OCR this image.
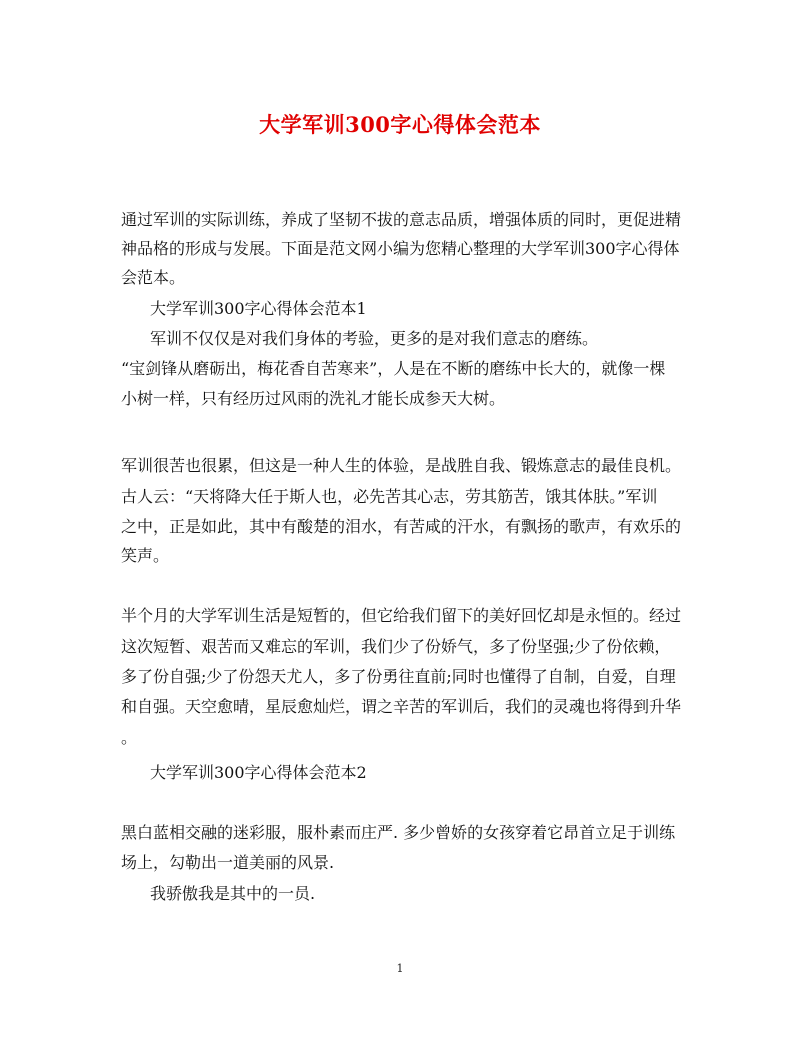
大学军训300字心得体会范本
通过军训的实际训练，养成了坚韧不拔的意志品质，增强体质的同时，更促进精
神品格的形成与发展。下面是范文网小编为您精心整理的大学军训300字心得体
会范本。
大学军训300字心得体会范本1
军训不仅仅是对我们身体的考验，更多的是对我们意志的磨练。
“宝剑锋从磨砺出，梅花香自苦寒来”，人是在不断的磨练中长大的，就像一棵
小树一样，只有经历过风雨的洗礼才能长成参天大树。
军训很苦也很累，但这是一种人生的体验，是战胜自我、锻炼意志的最佳良机。
古人云：“天将降大任于斯人也，必先苦其心志，劳其筋苦，饿其体肤。”军训
之中，正是如此，其中有酸楚的泪水，有苦咸的汗水，有飘扬的歌声，有欢乐的
笑声。
半个月的大学军训生活是短暂的，但它给我们留下的美好回忆却是永恒的。经过
这次短暂、艰苦而又难忘的军训，我们少了份娇气，多了份坚强;少了份依赖，
多了份自强;少了份怨天尤人，多了份勇往直前;同时也懂得了自制，自爱，自理
和自强。天空愈晴，星辰愈灿烂，谓之辛苦的军训后，我们的灵魂也将得到升华
。
大学军训300字心得体会范本2
黑白蓝相交融的迷彩服，服朴素而庄严. 多少曾娇的女孩穿着它昂首立足于训练
场上，勾勒出一道美丽的风景.
我骄傲我是其中的一员.
1
